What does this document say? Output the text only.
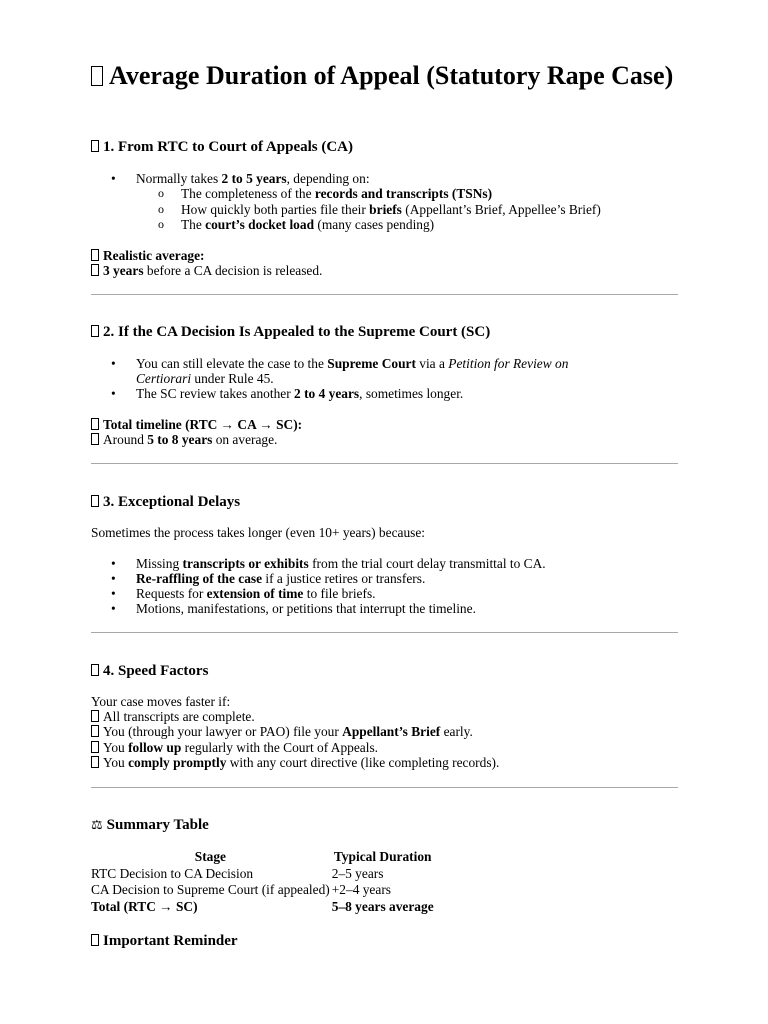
Average Duration of Appeal (Statutory Rape Case)
1. From RTC to Court of Appeals (CA)
• Normally takes 2 to 5 years, depending on:
o The completeness of the records and transcripts (TSNs)
o How quickly both parties file their briefs (Appellant’s Brief, Appellee’s Brief)
o The court’s docket load (many cases pending)
Realistic average:
3 years before a CA decision is released.
2. If the CA Decision Is Appealed to the Supreme Court (SC)
• You can still elevate the case to the Supreme Court via a Petition for Review on
Certiorari under Rule 45.
• The SC review takes another 2 to 4 years, sometimes longer.
Total timeline (RTC → CA → SC):
Around 5 to 8 years on average.
3. Exceptional Delays
Sometimes the process takes longer (even 10+ years) because:
• Missing transcripts or exhibits from the trial court delay transmittal to CA.
• Re-raffling of the case if a justice retires or transfers.
• Requests for extension of time to file briefs.
• Motions, manifestations, or petitions that interrupt the timeline.
4. Speed Factors
Your case moves faster if:
All transcripts are complete.
You (through your lawyer or PAO) file your Appellant’s Brief early.
You follow up regularly with the Court of Appeals.
You comply promptly with any court directive (like completing records).
⚖ Summary Table
Stage	Typical Duration
RTC Decision to CA Decision	2–5 years
CA Decision to Supreme Court (if appealed)	+2–4 years
Total (RTC → SC)	5–8 years average
Important Reminder
